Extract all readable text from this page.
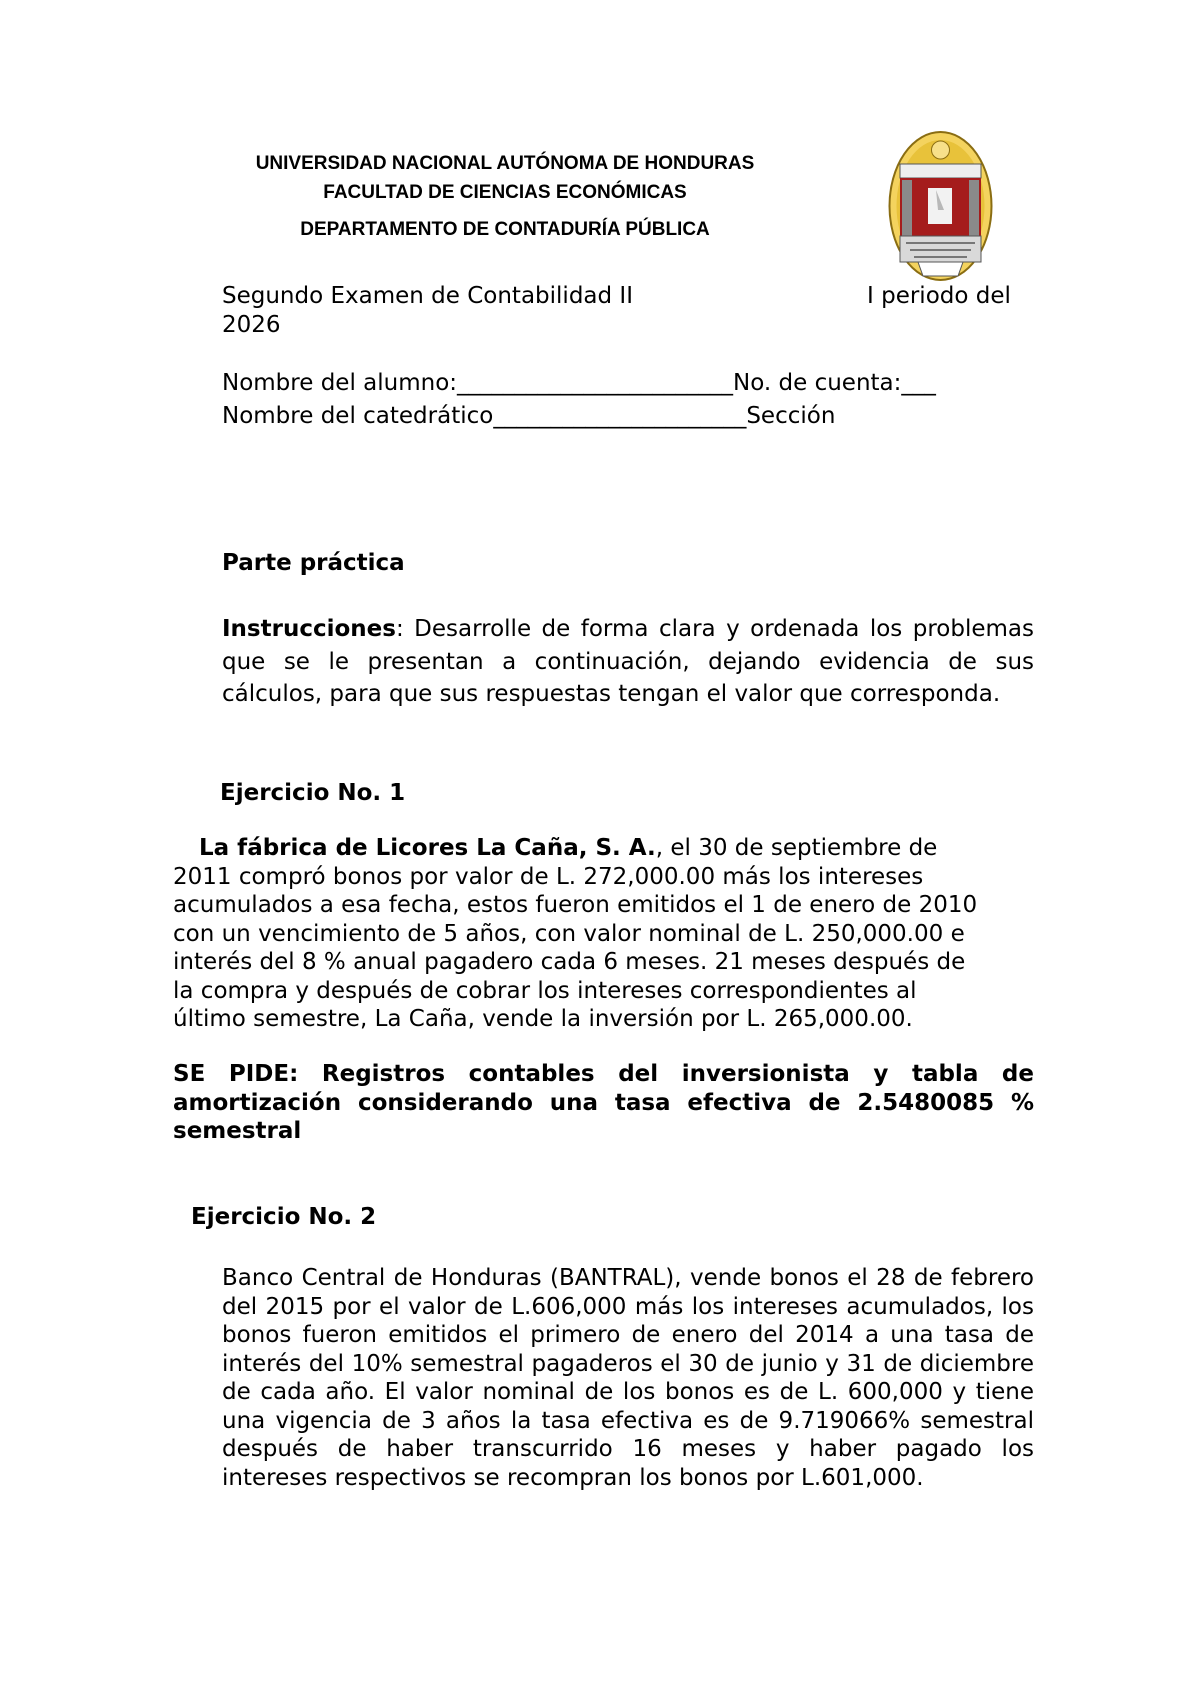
UNIVERSIDAD NACIONAL AUTÓNOMA DE HONDURAS
FACULTAD DE CIENCIAS ECONÓMICAS
DEPARTAMENTO DE CONTADURÍA PÚBLICA
Segundo Examen de Contabilidad II	I periodo del
2026
Nombre del alumno:________________________No. de cuenta:___
Nombre del catedrático______________________Sección
Parte práctica

Instrucciones: Desarrolle de forma clara y ordenada los problemas que se le presentan a continuación, dejando evidencia de sus cálculos, para que sus respuestas tengan el valor que corresponda.

Ejercicio No. 1
La fábrica de Licores La Caña, S. A., el 30 de septiembre de
2011 compró bonos por valor de L. 272,000.00 más los intereses
acumulados a esa fecha, estos fueron emitidos el 1 de enero de 2010
con un vencimiento de 5 años, con valor nominal de L. 250,000.00 e
interés del 8 % anual pagadero cada 6 meses. 21 meses después de
la compra y después de cobrar los intereses correspondientes al
último semestre, La Caña, vende la inversión por L. 265,000.00.

SE PIDE: Registros contables del inversionista y tabla de amortización considerando una tasa efectiva de 2.5480085 % semestral

Ejercicio No. 2

Banco Central de Honduras (BANTRAL), vende bonos el 28 de febrero del 2015 por el valor de L.606,000 más los intereses acumulados, los bonos fueron emitidos el primero de enero del 2014 a una tasa de interés del 10% semestral pagaderos el 30 de junio y 31 de diciembre de cada año. El valor nominal de los bonos es de L. 600,000 y tiene una vigencia de 3 años la tasa efectiva es de 9.719066% semestral después de haber transcurrido 16 meses y haber pagado los intereses respectivos se recompran los bonos por L.601,000.
